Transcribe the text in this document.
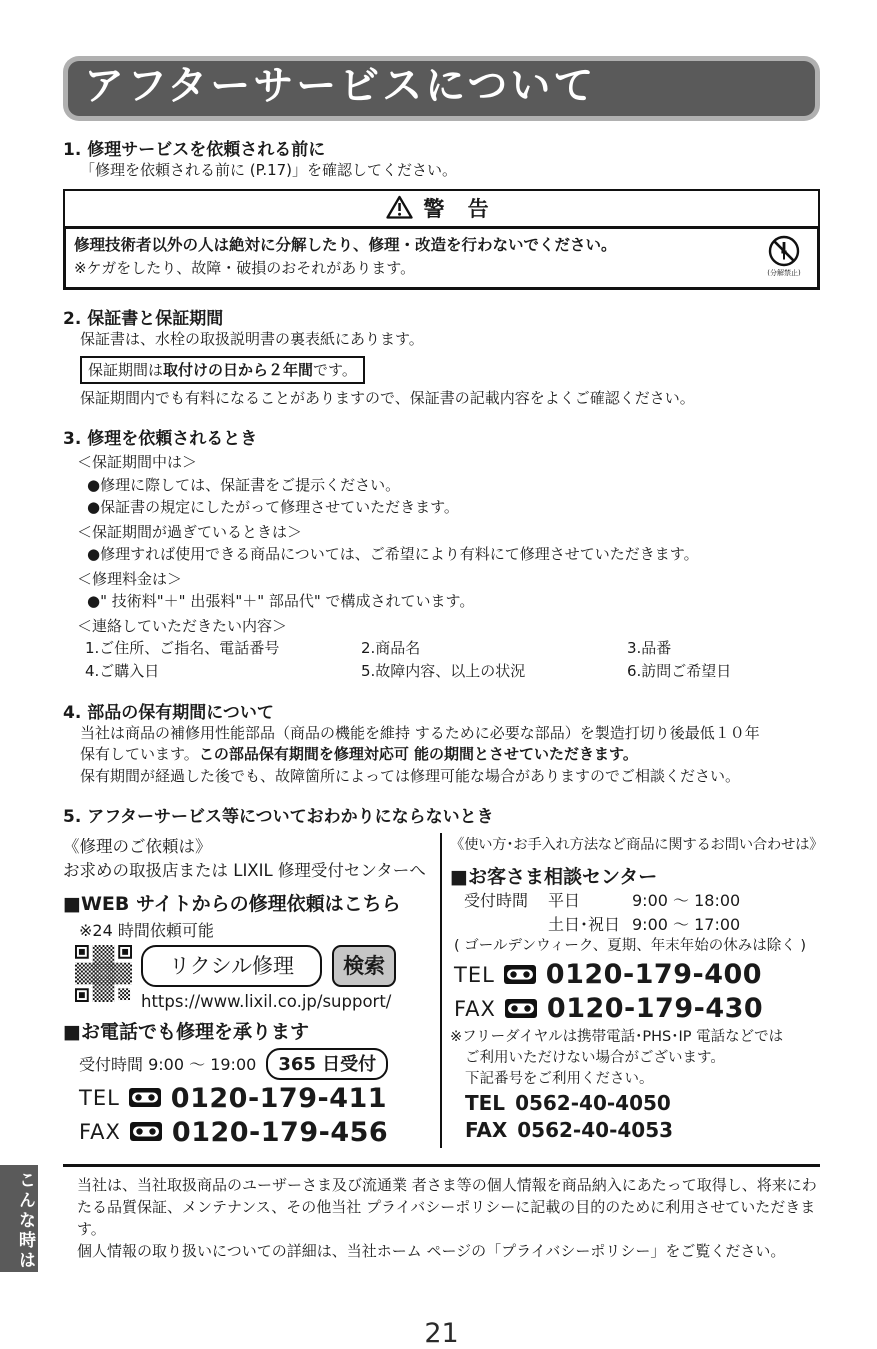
アフターサービスについて
1. 修理サービスを依頼される前に
「修理を依頼される前に (P.17)」を確認してください。
警 告
修理技術者以外の人は絶対に分解したり、修理・改造を行わないでください。
※ケガをしたり、故障・破損のおそれがあります。	(分解禁止)
2. 保証書と保証期間
保証書は、水栓の取扱説明書の裏表紙にあります。
保証期間は取付けの日から２年間です。
保証期間内でも有料になることがありますので、保証書の記載内容をよくご確認ください。
3. 修理を依頼されるとき
＜保証期間中は＞
●修理に際しては、保証書をご提示ください。
●保証書の規定にしたがって修理させていただきます。
＜保証期間が過ぎているときは＞
●修理すれば使用できる商品については、ご希望により有料にて修理させていただきます。
＜修理料金は＞
●" 技術料"＋" 出張料"＋" 部品代" で構成されています。
＜連絡していただきたい内容＞
1.ご住所、ご指名、電話番号	2.商品名	3.品番
4.ご購入日	5.故障内容、以上の状況	6.訪問ご希望日
4. 部品の保有期間について
当社は商品の補修用性能部品（商品の機能を維持 するために必要な部品）を製造打切り後最低１０年
保有しています。この部品保有期間を修理対応可 能の期間とさせていただきます。
保有期間が経過した後でも、故障箇所によっては修理可能な場合がありますのでご相談ください。
5. アフターサービス等についておわかりにならないとき
《修理のご依頼は》
お求めの取扱店または LIXIL 修理受付センターへ
■WEB サイトからの修理依頼はこちら
※24 時間依頼可能
リクシル修理	検索
https://www.lixil.co.jp/support/
■お電話でも修理を承ります
受付時間 9:00 ～ 19:00	365 日受付
TEL 0120-179-411
FAX 0120-179-456
《使い方･お手入れ方法など商品に関するお問い合わせは》
■お客さま相談センター
受付時間	平日	9:00 ～ 18:00
土日･祝日 9:00 ～ 17:00
( ゴールデンウィーク、夏期、年末年始の休みは除く )
TEL 0120-179-400
FAX 0120-179-430
※フリーダイヤルは携帯電話･PHS･IP 電話などでは
ご利用いただけない場合がございます。
下記番号をご利用ください。
TEL 0562-40-4050
FAX 0562-40-4053
こんな時は	当社は、当社取扱商品のユーザーさま及び流通業 者さま等の個人情報を商品納入にあたって取得し、将来にわたる品質保証、メンテナンス、その他当社 プライバシーポリシーに記載の目的のために利用させていただきます。
個人情報の取り扱いについての詳細は、当社ホーム ページの「プライバシーポリシー」をご覧ください。
21
